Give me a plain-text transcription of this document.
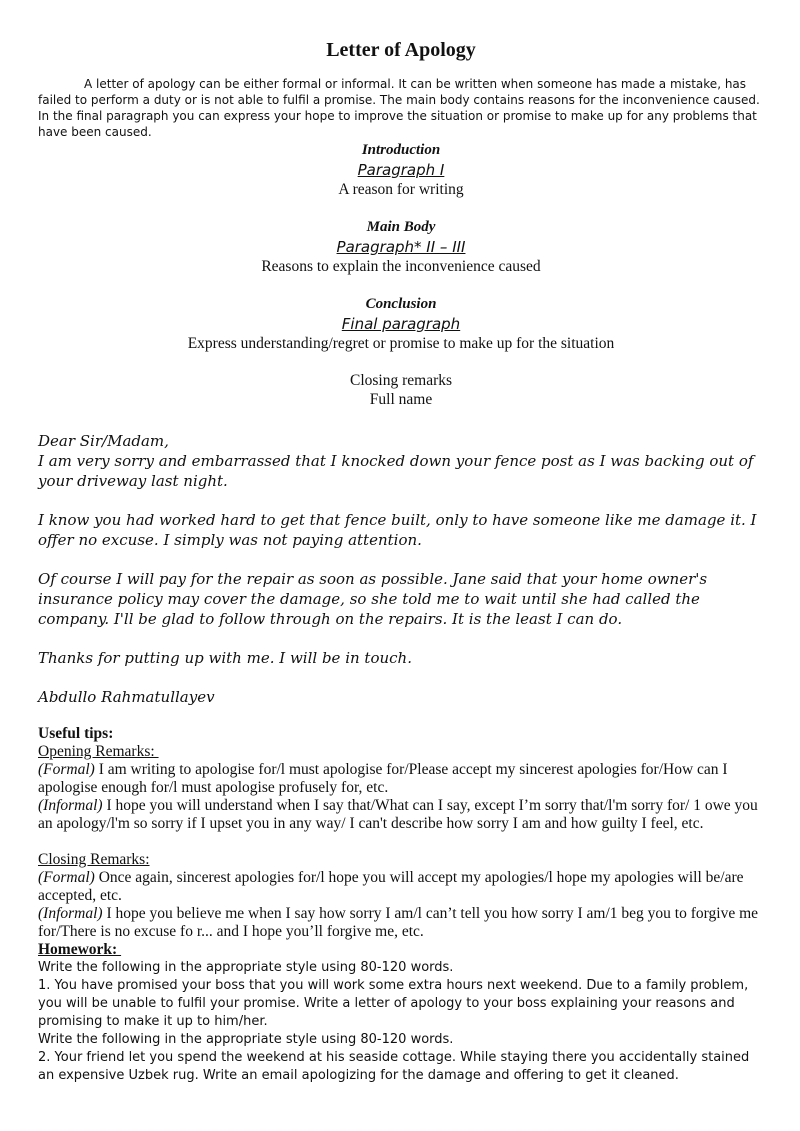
Letter of Apology

A letter of apology can be either formal or informal. It can be written when someone has made a mistake, has failed to perform a duty or is not able to fulfil a promise. The main body contains reasons for the inconvenience caused. In the final paragraph you can express your hope to improve the situation or promise to make up for any problems that have been caused.

Introduction
Paragraph I
A reason for writing
Main Body
Paragraph* II – III
Reasons to explain the inconvenience caused
Conclusion
Final paragraph
Express understanding/regret or promise to make up for the situation
Closing remarks
Full name

Dear Sir/Madam,

I am very sorry and embarrassed that I knocked down your fence post as I was backing out of your driveway last night.

I know you had worked hard to get that fence built, only to have someone like me damage it. I offer no excuse. I simply was not paying attention.

Of course I will pay for the repair as soon as possible. Jane said that your home owner's insurance policy may cover the damage, so she told me to wait until she had called the company. I'll be glad to follow through on the repairs. It is the least I can do.

Thanks for putting up with me. I will be in touch.

Abdullo Rahmatullayev

Useful tips:

Opening Remarks:

(Formal) I am writing to apologise for/l must apologise for/Please accept my sincerest apologies for/How can I apologise enough for/l must apologise profusely for, etc.

(Informal) I hope you will understand when I say that/What can I say, except I’m sorry that/l'm sorry for/ 1 owe you an apology/l'm so sorry if I upset you in any way/ I can't describe how sorry I am and how guilty I feel, etc.

Closing Remarks:

(Formal) Once again, sincerest apologies for/l hope you will accept my apologies/l hope my apologies will be/are accepted, etc.

(Informal) I hope you believe me when I say how sorry I am/l can’t tell you how sorry I am/1 beg you to forgive me for/There is no excuse fo r... and I hope you’ll forgive me, etc.

Homework:

Write the following in the appropriate style using 80-120 words.

1. You have promised your boss that you will work some extra hours next weekend. Due to a family problem, you will be unable to fulfil your promise. Write a letter of apology to your boss explaining your reasons and promising to make it up to him/her.

Write the following in the appropriate style using 80-120 words.

2. Your friend let you spend the weekend at his seaside cottage. While staying there you accidentally stained an expensive Uzbek rug. Write an email apologizing for the damage and offering to get it cleaned.
